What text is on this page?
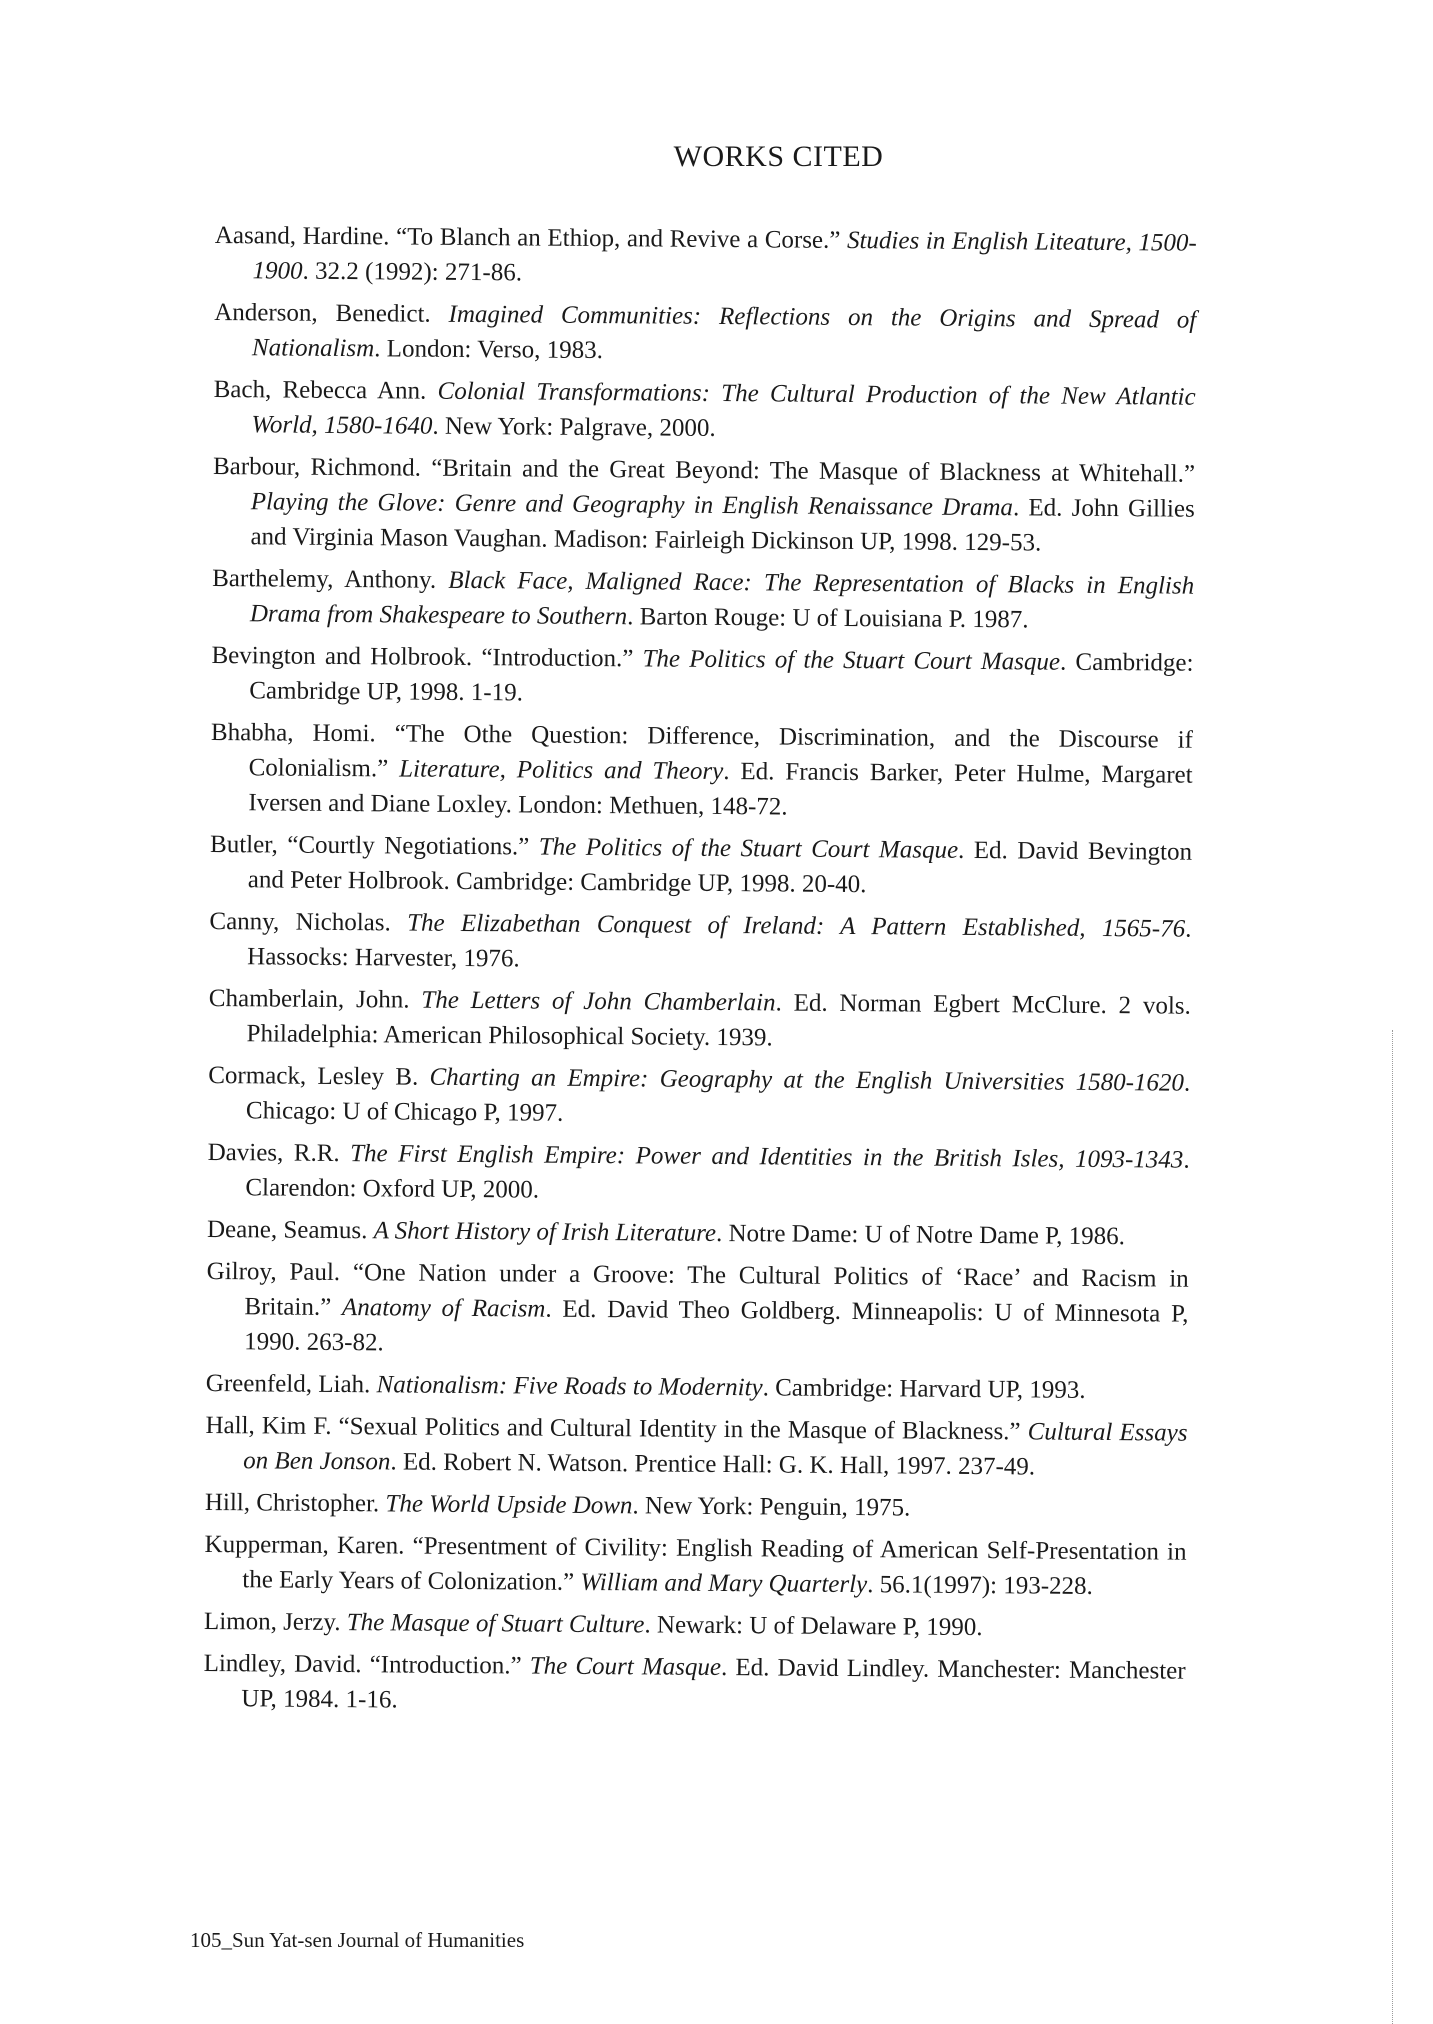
WORKS CITED

Aasand, Hardine. “To Blanch an Ethiop, and Revive a Corse.” Studies in English Liteature, 1500-1900. 32.2 (1992): 271-86.

Anderson, Benedict. Imagined Communities: Reflections on the Origins and Spread of Nationalism. London: Verso, 1983.

Bach, Rebecca Ann. Colonial Transformations: The Cultural Production of the New Atlantic World, 1580-1640. New York: Palgrave, 2000.

Barbour, Richmond. “Britain and the Great Beyond: The Masque of Blackness at Whitehall.” Playing the Glove: Genre and Geography in English Renaissance Drama. Ed. John Gillies and Virginia Mason Vaughan. Madison: Fairleigh Dickinson UP, 1998. 129-53.

Barthelemy, Anthony. Black Face, Maligned Race: The Representation of Blacks in English Drama from Shakespeare to Southern. Barton Rouge: U of Louisiana P. 1987.

Bevington and Holbrook. “Introduction.” The Politics of the Stuart Court Masque. Cambridge: Cambridge UP, 1998. 1-19.

Bhabha, Homi. “The Othe Question: Difference, Discrimination, and the Discourse if Colonialism.” Literature, Politics and Theory. Ed. Francis Barker, Peter Hulme, Margaret Iversen and Diane Loxley. London: Methuen, 148-72.

Butler, “Courtly Negotiations.” The Politics of the Stuart Court Masque. Ed. David Bevington and Peter Holbrook. Cambridge: Cambridge UP, 1998. 20-40.

Canny, Nicholas. The Elizabethan Conquest of Ireland: A Pattern Established, 1565-76. Hassocks: Harvester, 1976.

Chamberlain, John. The Letters of John Chamberlain. Ed. Norman Egbert McClure. 2 vols. Philadelphia: American Philosophical Society. 1939.

Cormack, Lesley B. Charting an Empire: Geography at the English Universities 1580-1620. Chicago: U of Chicago P, 1997.

Davies, R.R. The First English Empire: Power and Identities in the British Isles, 1093-1343. Clarendon: Oxford UP, 2000.

Deane, Seamus. A Short History of Irish Literature. Notre Dame: U of Notre Dame P, 1986.

Gilroy, Paul. “One Nation under a Groove: The Cultural Politics of ‘Race’ and Racism in Britain.” Anatomy of Racism. Ed. David Theo Goldberg. Minneapolis: U of Minnesota P, 1990. 263-82.

Greenfeld, Liah. Nationalism: Five Roads to Modernity. Cambridge: Harvard UP, 1993.

Hall, Kim F. “Sexual Politics and Cultural Identity in the Masque of Blackness.” Cultural Essays on Ben Jonson. Ed. Robert N. Watson. Prentice Hall: G. K. Hall, 1997. 237-49.

Hill, Christopher. The World Upside Down. New York: Penguin, 1975.

Kupperman, Karen. “Presentment of Civility: English Reading of American Self-Presentation in the Early Years of Colonization.” William and Mary Quarterly. 56.1(1997): 193-228.

Limon, Jerzy. The Masque of Stuart Culture. Newark: U of Delaware P, 1990.

Lindley, David. “Introduction.” The Court Masque. Ed. David Lindley. Manchester: Manchester UP, 1984. 1-16.

105_Sun Yat-sen Journal of Humanities
